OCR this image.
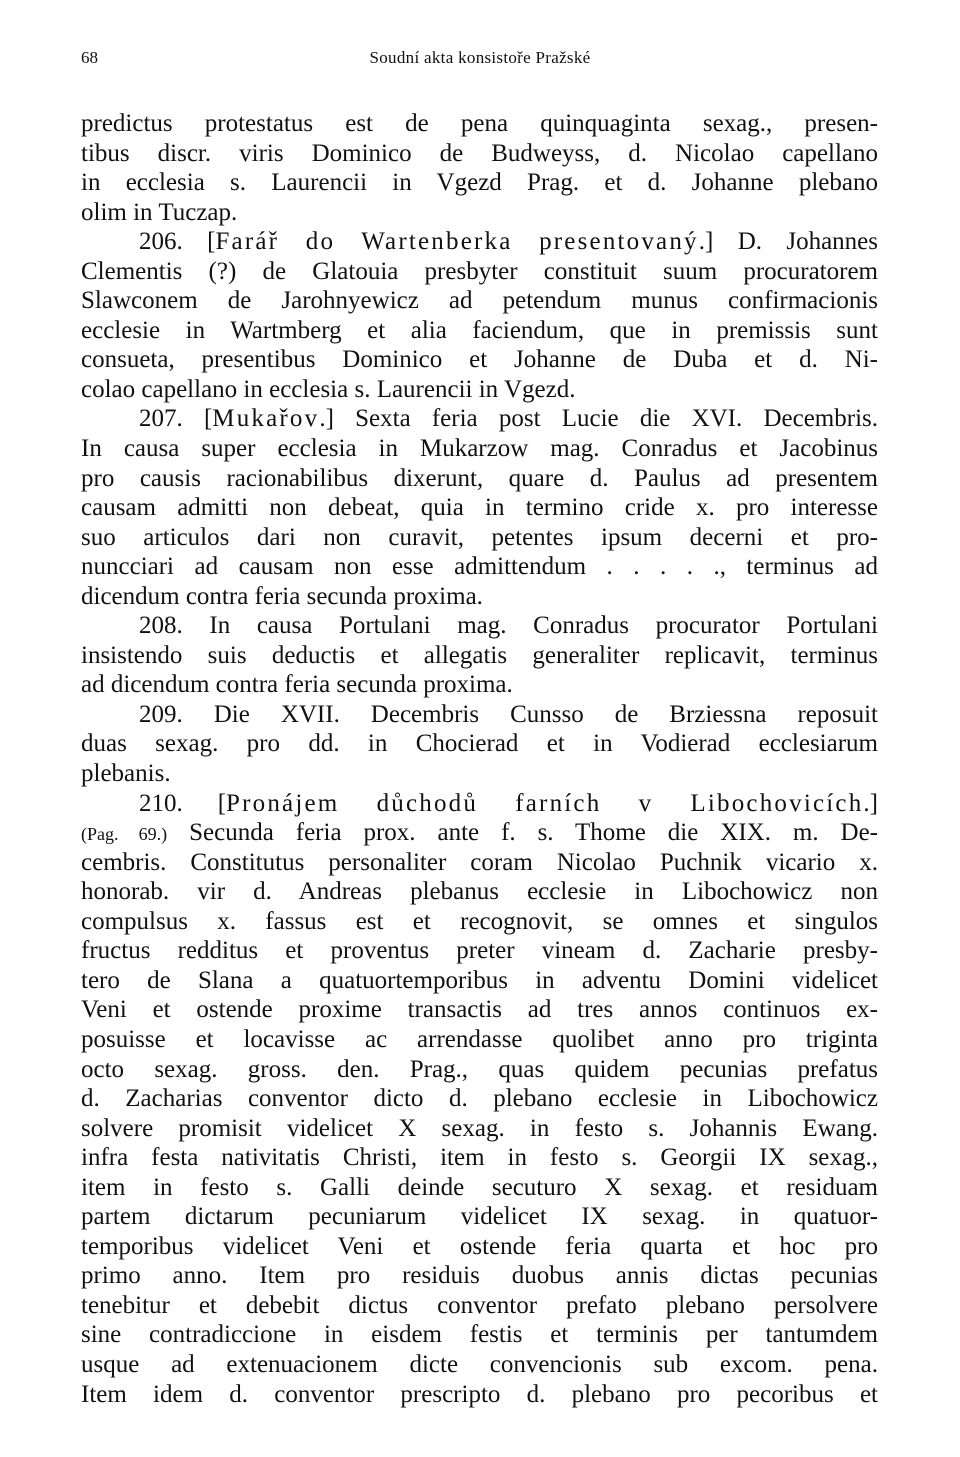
68	Soudní akta konsistoře Pražské
predictus protestatus est de pena quinquaginta sexag., presen-
tibus discr. viris Dominico de Budweyss, d. Nicolao capellano
in ecclesia s. Laurencii in Vgezd Prag. et d. Johanne plebano
olim in Tuczap.
206. [Farář do Wartenberka presentovaný.] D. Johannes
Clementis (?) de Glatouia presbyter constituit suum procuratorem
Slawconem de Jarohnyewicz ad petendum munus confirmacionis
ecclesie in Wartmberg et alia faciendum, que in premissis sunt
consueta, presentibus Dominico et Johanne de Duba et d. Ni-
colao capellano in ecclesia s. Laurencii in Vgezd.
207. [Mukařov.] Sexta feria post Lucie die XVI. Decembris.
In causa super ecclesia in Mukarzow mag. Conradus et Jacobinus
pro causis racionabilibus dixerunt, quare d. Paulus ad presentem
causam admitti non debeat, quia in termino cride x. pro interesse
suo articulos dari non curavit, petentes ipsum decerni et pro-
nuncciari ad causam non esse admittendum . . . . ., terminus ad
dicendum contra feria secunda proxima.
208. In causa Portulani mag. Conradus procurator Portulani
insistendo suis deductis et allegatis generaliter replicavit, terminus
ad dicendum contra feria secunda proxima.
209. Die XVII. Decembris Cunsso de Brziessna reposuit
duas sexag. pro dd. in Chocierad et in Vodierad ecclesiarum
plebanis.
210. [Pronájem důchodů farních v Libochovicích.]
(Pag. 69.) Secunda feria prox. ante f. s. Thome die XIX. m. De-
cembris. Constitutus personaliter coram Nicolao Puchnik vicario x.
honorab. vir d. Andreas plebanus ecclesie in Libochowicz non
compulsus x. fassus est et recognovit, se omnes et singulos
fructus redditus et proventus preter vineam d. Zacharie presby-
tero de Slana a quatuortemporibus in adventu Domini videlicet
Veni et ostende proxime transactis ad tres annos continuos ex-
posuisse et locavisse ac arrendasse quolibet anno pro triginta
octo sexag. gross. den. Prag., quas quidem pecunias prefatus
d. Zacharias conventor dicto d. plebano ecclesie in Libochowicz
solvere promisit videlicet X sexag. in festo s. Johannis Ewang.
infra festa nativitatis Christi, item in festo s. Georgii IX sexag.,
item in festo s. Galli deinde secuturo X sexag. et residuam
partem dictarum pecuniarum videlicet IX sexag. in quatuor-
temporibus videlicet Veni et ostende feria quarta et hoc pro
primo anno. Item pro residuis duobus annis dictas pecunias
tenebitur et debebit dictus conventor prefato plebano persolvere
sine contradiccione in eisdem festis et terminis per tantumdem
usque ad extenuacionem dicte convencionis sub excom. pena.
Item idem d. conventor prescripto d. plebano pro pecoribus et
